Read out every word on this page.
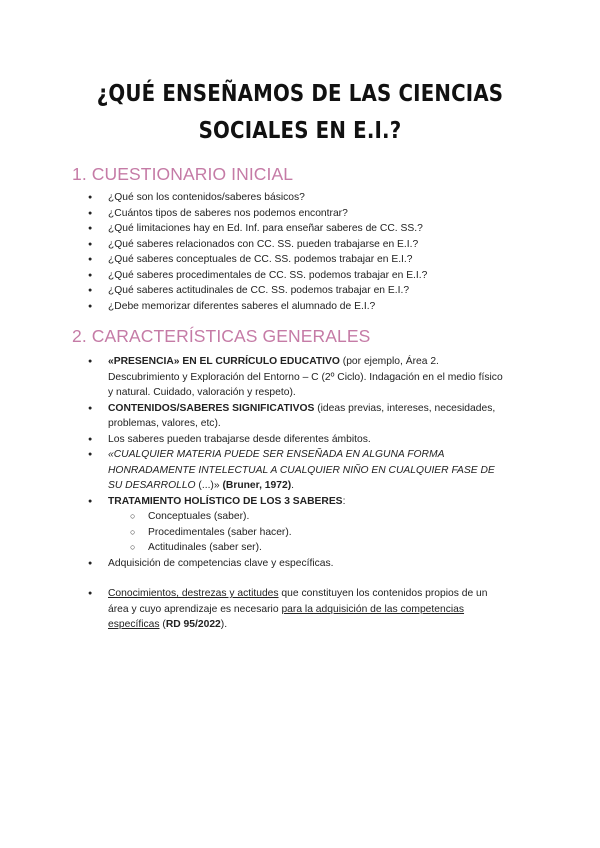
¿QUÉ ENSEÑAMOS DE LAS CIENCIAS
SOCIALES EN E.I.?
1. CUESTIONARIO INICIAL
● ¿Qué son los contenidos/saberes básicos?
● ¿Cuántos tipos de saberes nos podemos encontrar?
● ¿Qué limitaciones hay en Ed. Inf. para enseñar saberes de CC. SS.?
● ¿Qué saberes relacionados con CC. SS. pueden trabajarse en E.I.?
● ¿Qué saberes conceptuales de CC. SS. podemos trabajar en E.I.?
● ¿Qué saberes procedimentales de CC. SS. podemos trabajar en E.I.?
● ¿Qué saberes actitudinales de CC. SS. podemos trabajar en E.I.?
● ¿Debe memorizar diferentes saberes el alumnado de E.I.?
2. CARACTERÍSTICAS GENERALES
● «PRESENCIA» EN EL CURRÍCULO EDUCATIVO (por ejemplo, Área 2. Descubrimiento y Exploración del Entorno – C (2º Ciclo). Indagación en el medio físico y natural. Cuidado, valoración y respeto).
● CONTENIDOS/SABERES SIGNIFICATIVOS (ideas previas, intereses, necesidades, problemas, valores, etc).
● Los saberes pueden trabajarse desde diferentes ámbitos.
● «CUALQUIER MATERIA PUEDE SER ENSEÑADA EN ALGUNA FORMA HONRADAMENTE INTELECTUAL A CUALQUIER NIÑO EN CUALQUIER FASE DE SU DESARROLLO (...)» (Bruner, 1972).
● TRATAMIENTO HOLÍSTICO DE LOS 3 SABERES:
○ Conceptuales (saber).
○ Procedimentales (saber hacer).
○ Actitudinales (saber ser).
● Adquisición de competencias clave y específicas.
● Conocimientos, destrezas y actitudes que constituyen los contenidos propios de un área y cuyo aprendizaje es necesario para la adquisición de las competencias específicas (RD 95/2022).
